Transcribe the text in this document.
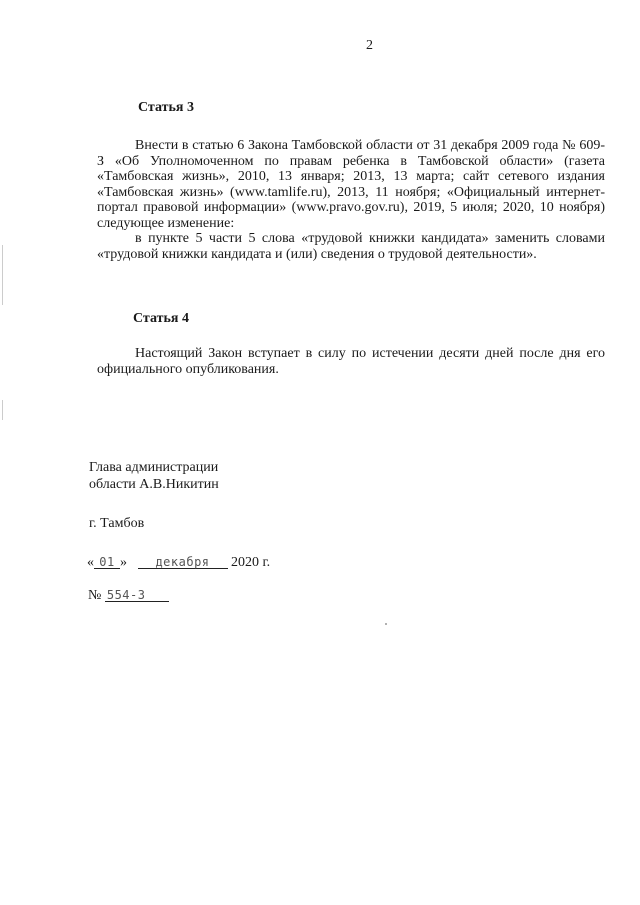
2
Статья 3

Внести в статью 6 Закона Тамбовской области от 31 декабря 2009 года № 609-З «Об Уполномоченном по правам ребенка в Тамбовской области» (газета «Тамбовская жизнь», 2010, 13 января; 2013, 13 марта; сайт сетевого издания «Тамбовская жизнь» (www.tamlife.ru), 2013, 11 ноября; «Официальный интернет-портал правовой информации» (www.pravo.gov.ru), 2019, 5 июля; 2020, 10 ноября) следующее изменение:

в пункте 5 части 5 слова «трудовой книжки кандидата» заменить словами «трудовой книжки кандидата и (или) сведения о трудовой деятельности».

Статья 4

Настоящий Закон вступает в силу по истечении десяти дней после дня его официального опубликования.

Глава администрации
области А.В.Никитин
г. Тамбов
« 01 » декабря 2020 г.
№ 554-З
